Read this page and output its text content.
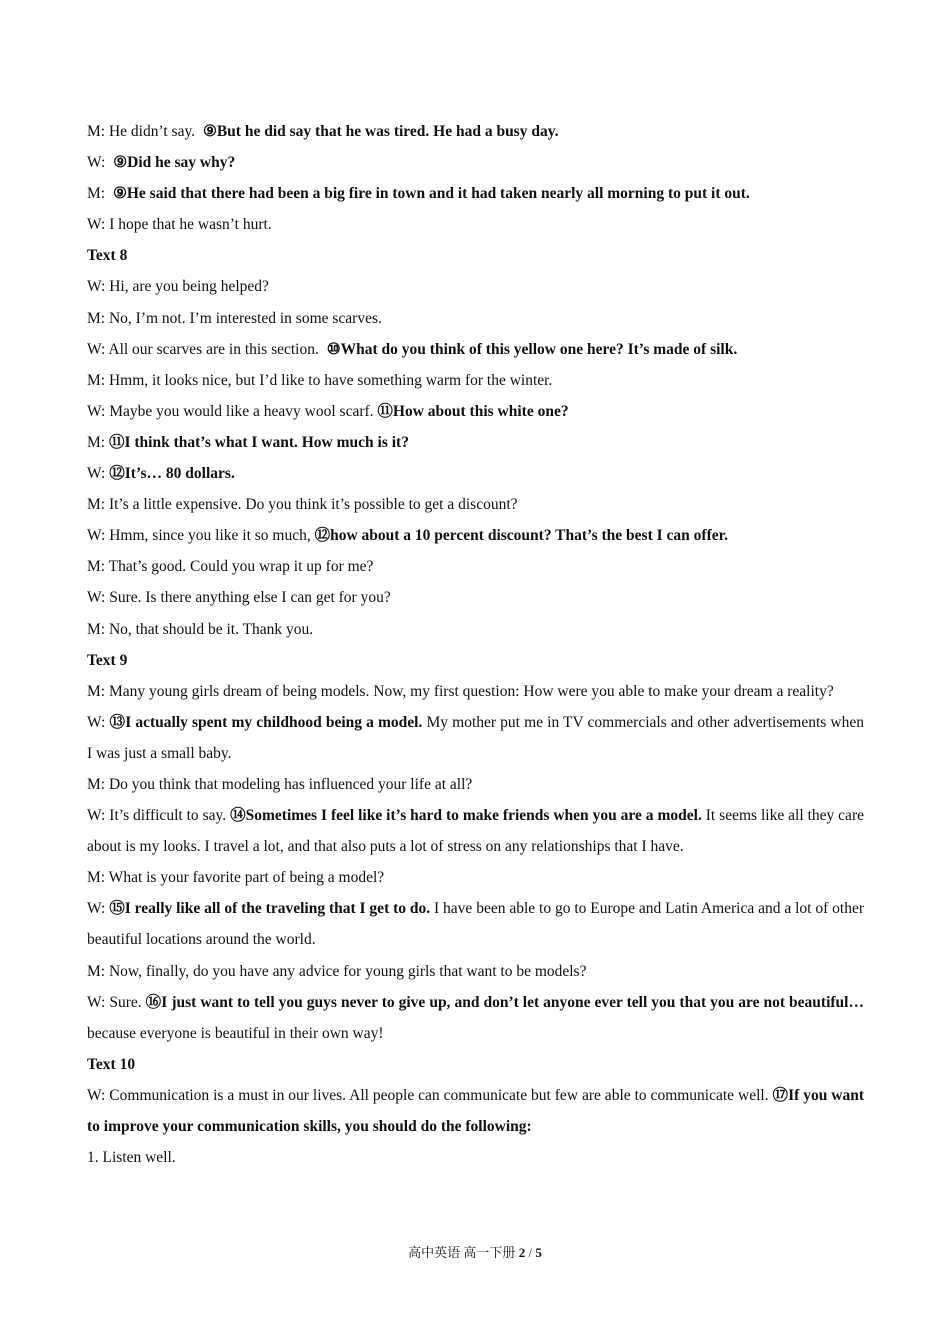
M: He didn’t say. ⑨But he did say that he was tired. He had a busy day.
W: ⑨Did he say why?
M: ⑨He said that there had been a big fire in town and it had taken nearly all morning to put it out.
W: I hope that he wasn’t hurt.
Text 8
W: Hi, are you being helped?
M: No, I’m not. I’m interested in some scarves.
W: All our scarves are in this section. ⑩What do you think of this yellow one here? It’s made of silk.
M: Hmm, it looks nice, but I’d like to have something warm for the winter.
W: Maybe you would like a heavy wool scarf. ⑪How about this white one?
M: ⑪I think that’s what I want. How much is it?
W: ⑫It’s… 80 dollars.
M: It’s a little expensive. Do you think it’s possible to get a discount?
W: Hmm, since you like it so much, ⑫how about a 10 percent discount? That’s the best I can offer.
M: That’s good. Could you wrap it up for me?
W: Sure. Is there anything else I can get for you?
M: No, that should be it. Thank you.
Text 9
M: Many young girls dream of being models. Now, my first question: How were you able to make your dream a reality?
W: ⑬I actually spent my childhood being a model. My mother put me in TV commercials and other advertisements when I was just a small baby.
M: Do you think that modeling has influenced your life at all?
W: It’s difficult to say. ⑭Sometimes I feel like it’s hard to make friends when you are a model. It seems like all they care about is my looks. I travel a lot, and that also puts a lot of stress on any relationships that I have.
M: What is your favorite part of being a model?
W: ⑮I really like all of the traveling that I get to do. I have been able to go to Europe and Latin America and a lot of other beautiful locations around the world.
M: Now, finally, do you have any advice for young girls that want to be models?
W: Sure. ⑯I just want to tell you guys never to give up, and don’t let anyone ever tell you that you are not beautiful… because everyone is beautiful in their own way!
Text 10
W: Communication is a must in our lives. All people can communicate but few are able to communicate well. ⑰If you want to improve your communication skills, you should do the following:
1. Listen well.
高中英语 高一下册 2 / 5
